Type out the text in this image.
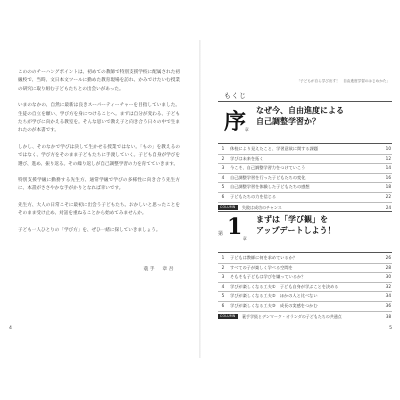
このののチーハングポイントは、初めての教師で特別支援学校に配属された初級校で、当時、文日本文ツールに勤めた教育現場を訪れ、かみでけたいむ授業の研究に取り組む子どもたちとの出会いがあった。

いまのなかの、自然に最新は良きスーパーティーチャーを目指していました。生徒の自立を願い、学び方を身につけることへ。まずは自分が変わる、子どもたちが学びに向かえる教室を。そんな思いで教え子と向き合う日々の中で生まれたのが本書です。

しかし、そのなかで学びは決して生かせる授業ではない。「もの」を教えるのではなく、学び方をそのまま子どもたちに手渡していく。子ども自身が学びを選び、進め、振り返る。その繰り返しが自己調整学習の力を育てていきます。

特別支援学級に勤務する先生方、通常学級で学びの多様性に向き合う先生方に、本書がささやかな手がかりとなれば幸いです。

先生方、大人の日常こそに最初に出会う子どもたち。おかしいと思ったことをそのまま受け止め、対話を重ねることから始めてみませんか。

子ども一人ひとりの「学び方」を、ぜひ一緒に探していきましょう。

蓑手　章吾
4
「子どもが自ら学び出す！　自由進度学習のはじめかた」
もくじ
序
章
なぜ今、自由進度による
自己調整学習か？
1	休校により見えたこと、学習意欲に関する課題	10
2	学びは未来を拓く	12
3	今こそ、自己調整学習力をつけていこう	14
4	自己調整学習を行った子どもたちの変化	16
5	自己調整学習を体験した子どもたちの感想	18
6	子どもたちの力を信じる	22
COLUMN	失敗は成功のチャンス	24
第 1 章
まずは「学び観」を
アップデートしよう！
1	子どもは教師に何を求めているか？	26
2	すべての子が楽しく学べる空間を	28
3	そもそも子どもは学びを嫌っているか？	30
4	学びが楽しくなる工夫①　子ども自身が学ぶことを決める	32
5	学びが楽しくなる工夫②　ほかの人と比べない	34
6	学びが楽しくなる工夫③　成長の実感をつかむ	36
COLUMN	蓑手学級とデンマーク・オランダの子どもたちの共通点	38
5
